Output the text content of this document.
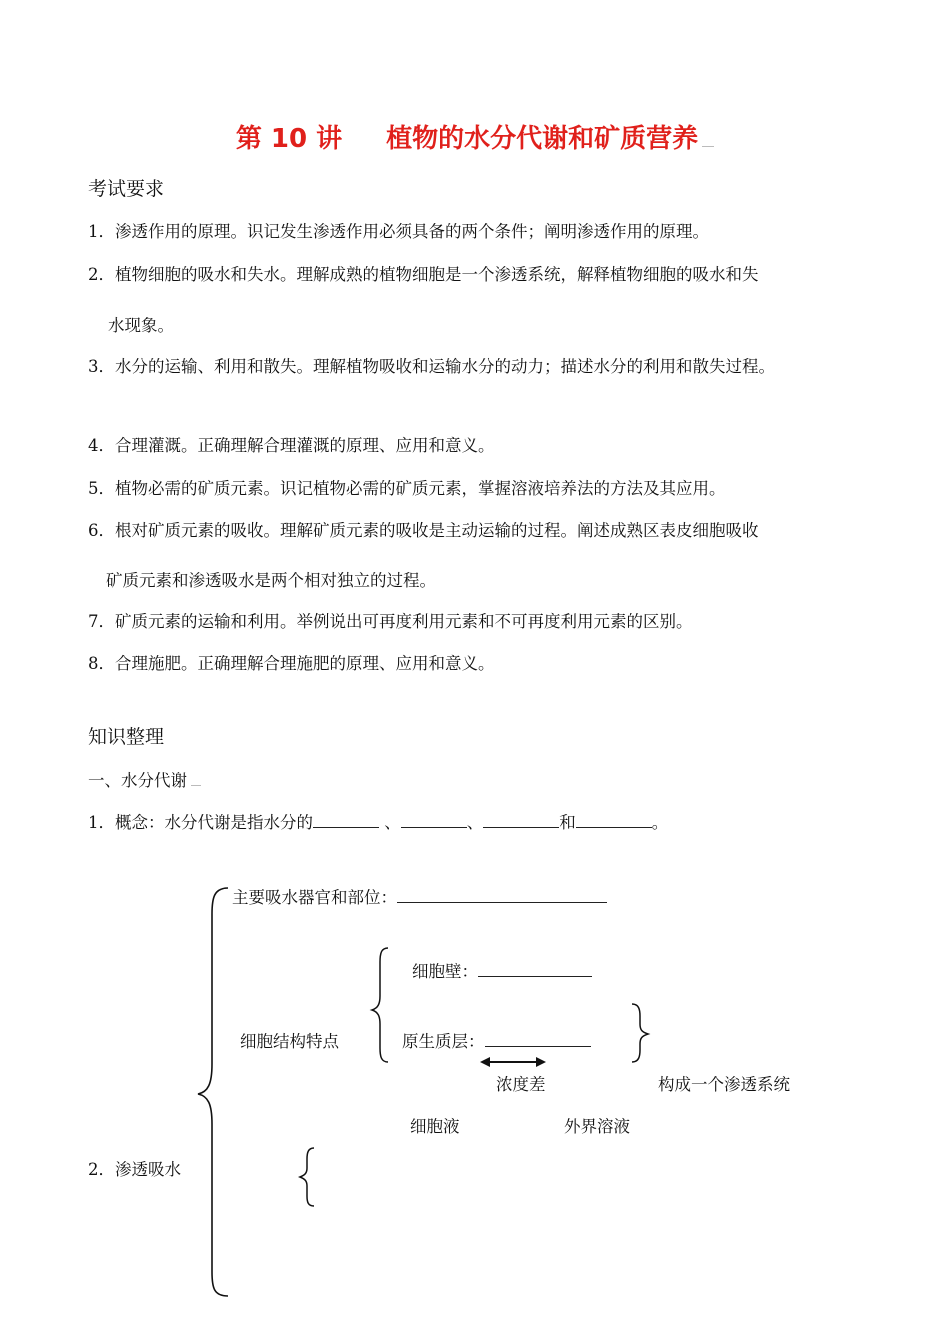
第 10 讲 植物的水分代谢和矿质营养
考试要求
1．渗透作用的原理。识记发生渗透作用必须具备的两个条件；阐明渗透作用的原理。
2．植物细胞的吸水和失水。理解成熟的植物细胞是一个渗透系统，解释植物细胞的吸水和失
水现象。
3．水分的运输、利用和散失。理解植物吸收和运输水分的动力；描述水分的利用和散失过程。
4．合理灌溉。正确理解合理灌溉的原理、应用和意义。
5．植物必需的矿质元素。识记植物必需的矿质元素，掌握溶液培养法的方法及其应用。
6．根对矿质元素的吸收。理解矿质元素的吸收是主动运输的过程。阐述成熟区表皮细胞吸收
矿质元素和渗透吸水是两个相对独立的过程。
7．矿质元素的运输和利用。举例说出可再度利用元素和不可再度利用元素的区别。
8．合理施肥。正确理解合理施肥的原理、应用和意义。
知识整理
一、水分代谢
1．概念：水分代谢是指水分的	、	、	和	。
主要吸水器官和部位：
细胞壁：
细胞结构特点	原生质层：
浓度差	构成一个渗透系统
细胞液	外界溶液
2．渗透吸水
